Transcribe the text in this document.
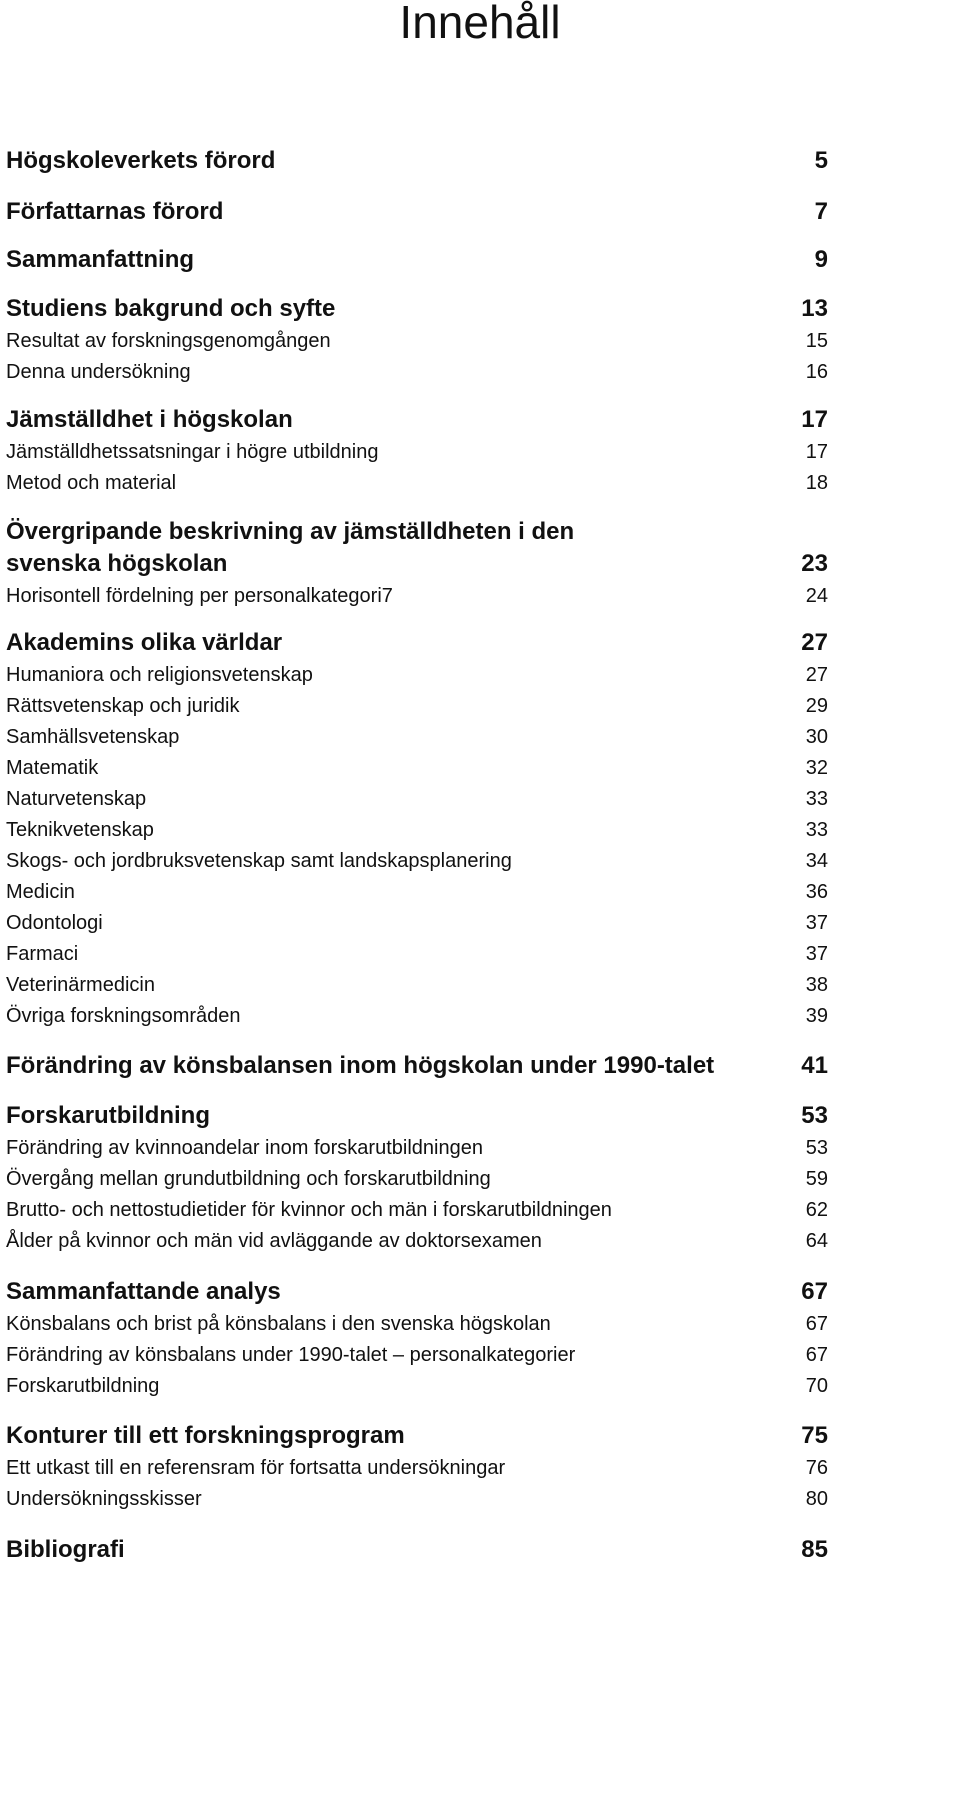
Innehåll
Högskoleverkets förord	5
Författarnas förord	7
Sammanfattning	9
Studiens bakgrund och syfte	13
Resultat av forskningsgenomgången	15
Denna undersökning	16
Jämställdhet i högskolan	17
Jämställdhetssatsningar i högre utbildning	17
Metod och material	18
Övergripande beskrivning av jämställdheten i den
svenska högskolan	23
Horisontell fördelning per personalkategori7	24
Akademins olika världar	27
Humaniora och religionsvetenskap	27
Rättsvetenskap och juridik	29
Samhällsvetenskap	30
Matematik	32
Naturvetenskap	33
Teknikvetenskap	33
Skogs- och jordbruksvetenskap samt landskapsplanering	34
Medicin	36
Odontologi	37
Farmaci	37
Veterinärmedicin	38
Övriga forskningsområden	39
Förändring av könsbalansen inom högskolan under 1990-talet	41
Forskarutbildning	53
Förändring av kvinnoandelar inom forskarutbildningen	53
Övergång mellan grundutbildning och forskarutbildning	59
Brutto- och nettostudietider för kvinnor och män i forskarutbildningen	62
Ålder på kvinnor och män vid avläggande av doktorsexamen	64
Sammanfattande analys	67
Könsbalans och brist på könsbalans i den svenska högskolan	67
Förändring av könsbalans under 1990-talet – personalkategorier	67
Forskarutbildning	70
Konturer till ett forskningsprogram	75
Ett utkast till en referensram för fortsatta undersökningar	76
Undersökningsskisser	80
Bibliografi	85
